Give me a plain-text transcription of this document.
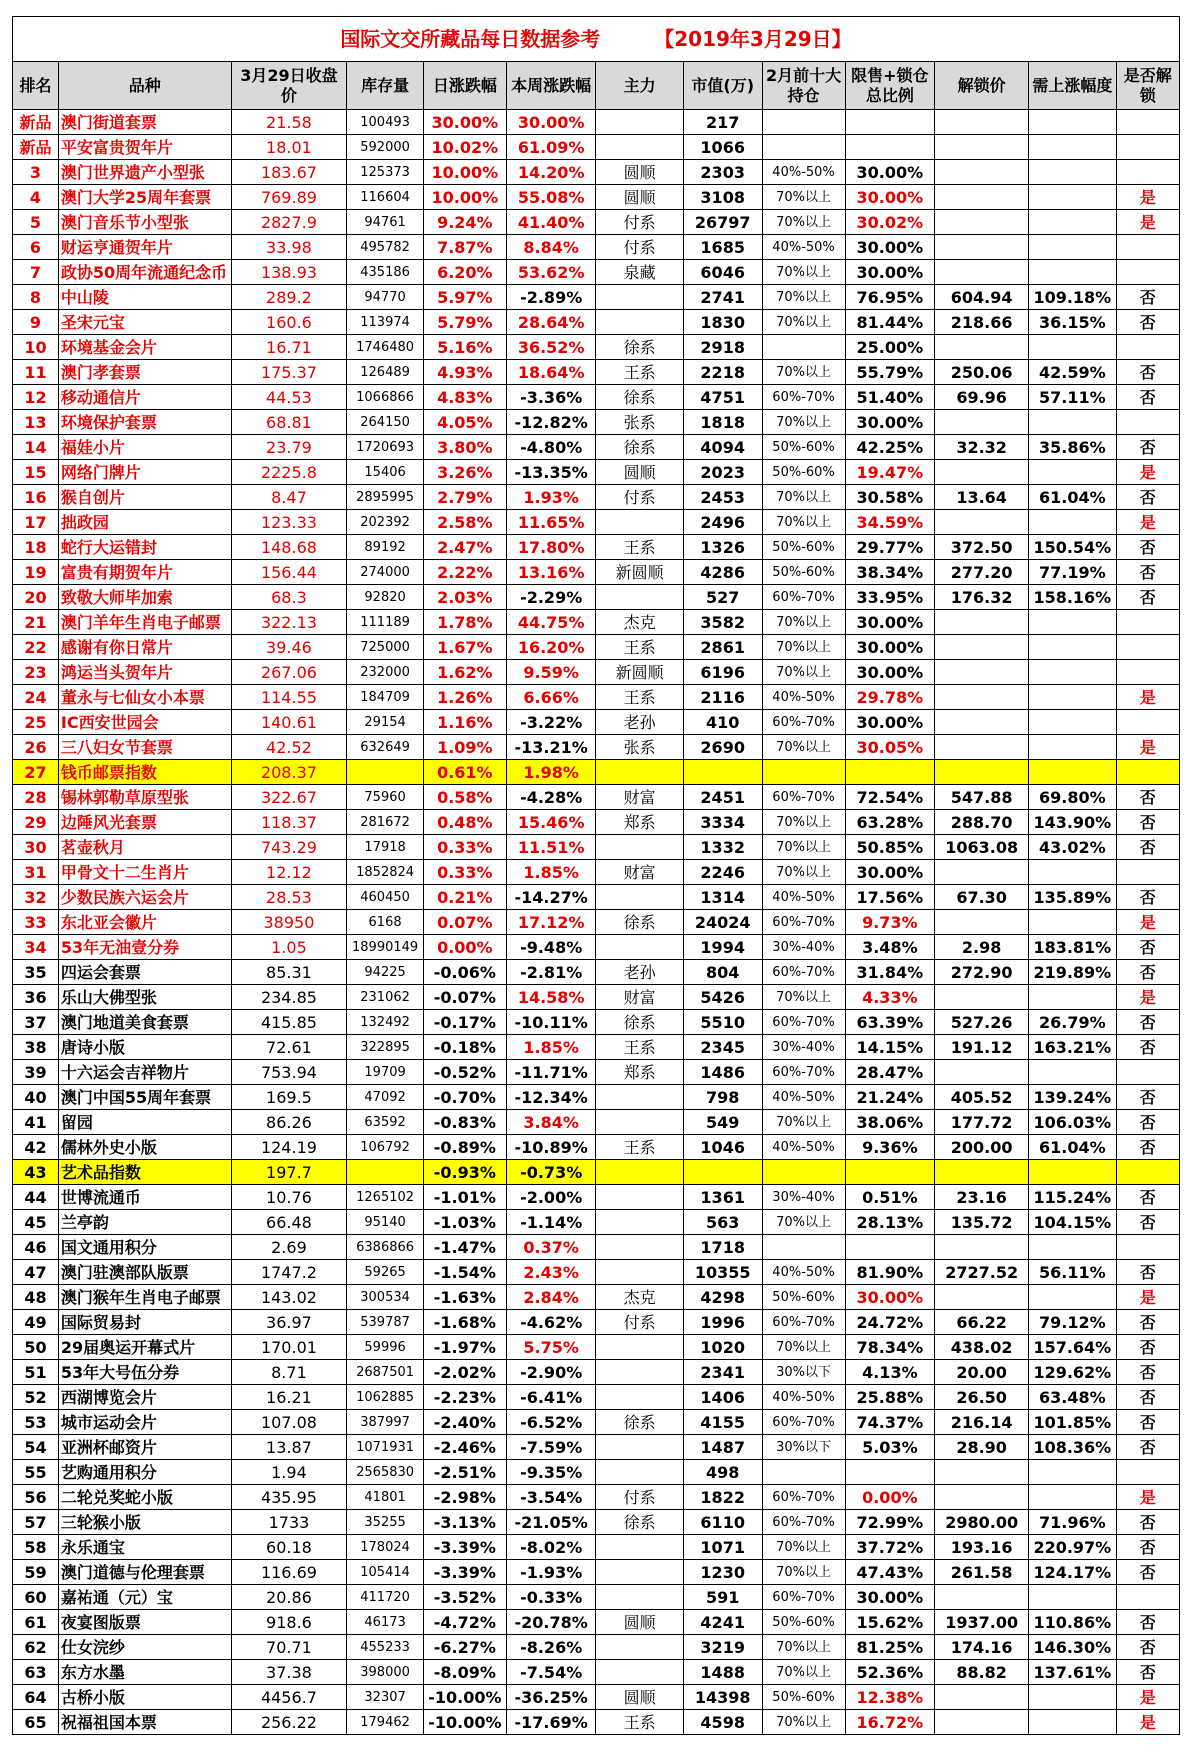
国际文交所藏品每日数据参考 【2019年3月29日】												
排名	品种	3月29日收盘价	库存量	日涨跌幅	本周涨跌幅	主力	市值(万)	2月前十大持仓	限售+锁仓总比例	解锁价	需上涨幅度	是否解锁
新品	澳门街道套票	21.58	100493	30.00%	30.00%		217					
新品	平安富贵贺年片	18.01	592000	10.02%	61.09%		1066					
3	澳门世界遗产小型张	183.67	125373	10.00%	14.20%	圆顺	2303	40%-50%	30.00%			
4	澳门大学25周年套票	769.89	116604	10.00%	55.08%	圆顺	3108	70%以上	30.00%			是
5	澳门音乐节小型张	2827.9	94761	9.24%	41.40%	付系	26797	70%以上	30.02%			是
6	财运亨通贺年片	33.98	495782	7.87%	8.84%	付系	1685	40%-50%	30.00%			
7	政协50周年流通纪念币	138.93	435186	6.20%	53.62%	泉藏	6046	70%以上	30.00%			
8	中山陵	289.2	94770	5.97%	-2.89%		2741	70%以上	76.95%	604.94	109.18%	否
9	圣宋元宝	160.6	113974	5.79%	28.64%		1830	70%以上	81.44%	218.66	36.15%	否
10	环境基金会片	16.71	1746480	5.16%	36.52%	徐系	2918		25.00%			
11	澳门孝套票	175.37	126489	4.93%	18.64%	王系	2218	70%以上	55.79%	250.06	42.59%	否
12	移动通信片	44.53	1066866	4.83%	-3.36%	徐系	4751	60%-70%	51.40%	69.96	57.11%	否
13	环境保护套票	68.81	264150	4.05%	-12.82%	张系	1818	70%以上	30.00%			
14	福娃小片	23.79	1720693	3.80%	-4.80%	徐系	4094	50%-60%	42.25%	32.32	35.86%	否
15	网络门牌片	2225.8	15406	3.26%	-13.35%	圆顺	2023	50%-60%	19.47%			是
16	猴自创片	8.47	2895995	2.79%	1.93%	付系	2453	70%以上	30.58%	13.64	61.04%	否
17	拙政园	123.33	202392	2.58%	11.65%		2496	70%以上	34.59%			是
18	蛇行大运错封	148.68	89192	2.47%	17.80%	王系	1326	50%-60%	29.77%	372.50	150.54%	否
19	富贵有期贺年片	156.44	274000	2.22%	13.16%	新圆顺	4286	50%-60%	38.34%	277.20	77.19%	否
20	致敬大师毕加索	68.3	92820	2.03%	-2.29%		527	60%-70%	33.95%	176.32	158.16%	否
21	澳门羊年生肖电子邮票	322.13	111189	1.78%	44.75%	杰克	3582	70%以上	30.00%			
22	感谢有你日常片	39.46	725000	1.67%	16.20%	王系	2861	70%以上	30.00%			
23	鸿运当头贺年片	267.06	232000	1.62%	9.59%	新圆顺	6196	70%以上	30.00%			
24	董永与七仙女小本票	114.55	184709	1.26%	6.66%	王系	2116	40%-50%	29.78%			是
25	IC西安世园会	140.61	29154	1.16%	-3.22%	老孙	410	60%-70%	30.00%			
26	三八妇女节套票	42.52	632649	1.09%	-13.21%	张系	2690	70%以上	30.05%			是
27	钱币邮票指数	208.37		0.61%	1.98%							
28	锡林郭勒草原型张	322.67	75960	0.58%	-4.28%	财富	2451	60%-70%	72.54%	547.88	69.80%	否
29	边陲风光套票	118.37	281672	0.48%	15.46%	郑系	3334	70%以上	63.28%	288.70	143.90%	否
30	茗壶秋月	743.29	17918	0.33%	11.51%		1332	70%以上	50.85%	1063.08	43.02%	否
31	甲骨文十二生肖片	12.12	1852824	0.33%	1.85%	财富	2246	70%以上	30.00%			
32	少数民族六运会片	28.53	460450	0.21%	-14.27%		1314	40%-50%	17.56%	67.30	135.89%	否
33	东北亚会徽片	38950	6168	0.07%	17.12%	徐系	24024	60%-70%	9.73%			是
34	53年无油壹分券	1.05	18990149	0.00%	-9.48%		1994	30%-40%	3.48%	2.98	183.81%	否
35	四运会套票	85.31	94225	-0.06%	-2.81%	老孙	804	60%-70%	31.84%	272.90	219.89%	否
36	乐山大佛型张	234.85	231062	-0.07%	14.58%	财富	5426	70%以上	4.33%			是
37	澳门地道美食套票	415.85	132492	-0.17%	-10.11%	徐系	5510	60%-70%	63.39%	527.26	26.79%	否
38	唐诗小版	72.61	322895	-0.18%	1.85%	王系	2345	30%-40%	14.15%	191.12	163.21%	否
39	十六运会吉祥物片	753.94	19709	-0.52%	-11.71%	郑系	1486	60%-70%	28.47%			
40	澳门中国55周年套票	169.5	47092	-0.70%	-12.34%		798	40%-50%	21.24%	405.52	139.24%	否
41	留园	86.26	63592	-0.83%	3.84%		549	70%以上	38.06%	177.72	106.03%	否
42	儒林外史小版	124.19	106792	-0.89%	-10.89%	王系	1046	40%-50%	9.36%	200.00	61.04%	否
43	艺术品指数	197.7		-0.93%	-0.73%							
44	世博流通币	10.76	1265102	-1.01%	-2.00%		1361	30%-40%	0.51%	23.16	115.24%	否
45	兰亭韵	66.48	95140	-1.03%	-1.14%		563	70%以上	28.13%	135.72	104.15%	否
46	国文通用积分	2.69	6386866	-1.47%	0.37%		1718					
47	澳门驻澳部队版票	1747.2	59265	-1.54%	2.43%		10355	40%-50%	81.90%	2727.52	56.11%	否
48	澳门猴年生肖电子邮票	143.02	300534	-1.63%	2.84%	杰克	4298	50%-60%	30.00%			是
49	国际贸易封	36.97	539787	-1.68%	-4.62%	付系	1996	60%-70%	24.72%	66.22	79.12%	否
50	29届奥运开幕式片	170.01	59996	-1.97%	5.75%		1020	70%以上	78.34%	438.02	157.64%	否
51	53年大号伍分券	8.71	2687501	-2.02%	-2.90%		2341	30%以下	4.13%	20.00	129.62%	否
52	西湖博览会片	16.21	1062885	-2.23%	-6.41%		1406	40%-50%	25.88%	26.50	63.48%	否
53	城市运动会片	107.08	387997	-2.40%	-6.52%	徐系	4155	60%-70%	74.37%	216.14	101.85%	否
54	亚洲杯邮资片	13.87	1071931	-2.46%	-7.59%		1487	30%以下	5.03%	28.90	108.36%	否
55	艺购通用积分	1.94	2565830	-2.51%	-9.35%		498					
56	二轮兑奖蛇小版	435.95	41801	-2.98%	-3.54%	付系	1822	60%-70%	0.00%			是
57	三轮猴小版	1733	35255	-3.13%	-21.05%	徐系	6110	60%-70%	72.99%	2980.00	71.96%	否
58	永乐通宝	60.18	178024	-3.39%	-8.02%		1071	70%以上	37.72%	193.16	220.97%	否
59	澳门道德与伦理套票	116.69	105414	-3.39%	-1.93%		1230	70%以上	47.43%	261.58	124.17%	否
60	嘉祐通（元）宝	20.86	411720	-3.52%	-0.33%		591	60%-70%	30.00%			
61	夜宴图版票	918.6	46173	-4.72%	-20.78%	圆顺	4241	50%-60%	15.62%	1937.00	110.86%	否
62	仕女浣纱	70.71	455233	-6.27%	-8.26%		3219	70%以上	81.25%	174.16	146.30%	否
63	东方水墨	37.38	398000	-8.09%	-7.54%		1488	70%以上	52.36%	88.82	137.61%	否
64	古桥小版	4456.7	32307	-10.00%	-36.25%	圆顺	14398	50%-60%	12.38%			是
65	祝福祖国本票	256.22	179462	-10.00%	-17.69%	王系	4598	70%以上	16.72%			是
